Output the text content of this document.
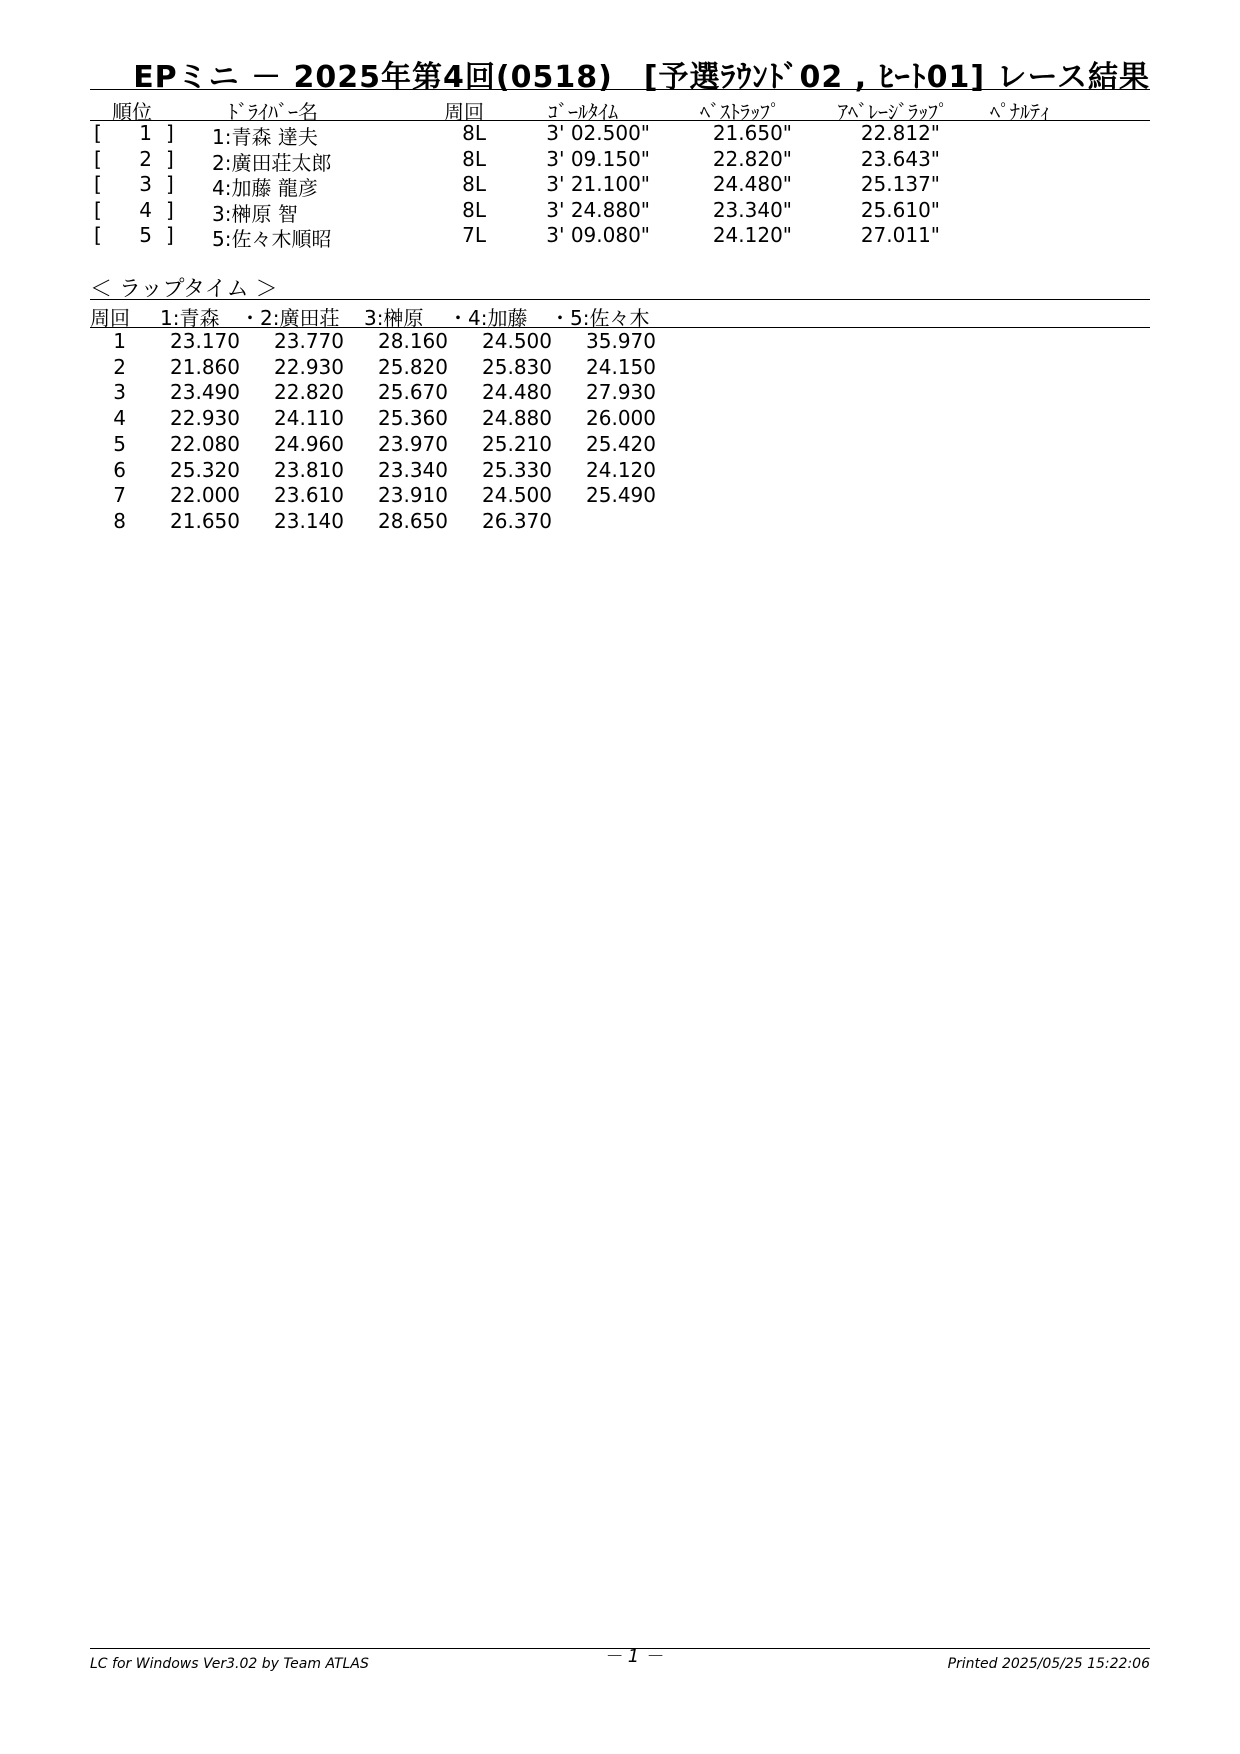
EPミニ － 2025年第4回(0518)　[予選ﾗｳﾝﾄﾞ02 , ﾋｰﾄ01] レース結果
順位	ﾄﾞﾗｲﾊﾞｰ名	周回	ｺﾞｰﾙﾀｲﾑ	ﾍﾞｽﾄﾗｯﾌﾟ	ｱﾍﾞﾚｰｼﾞﾗｯﾌﾟ ﾍﾟﾅﾙﾃｨ
[	1 ] 1:青森 達夫	8L	3' 02.500"	21.650"	22.812"
[	2 ] 2:廣田荘太郎	8L	3' 09.150"	22.820"	23.643"
[	3 ] 4:加藤 龍彦	8L	3' 21.100"	24.480"	25.137"
[	4 ] 3:榊原 智	8L	3' 24.880"	23.340"	25.610"
[	5 ] 5:佐々木順昭	7L	3' 09.080"	24.120"	27.011"
＜ ラップタイム ＞
周回 1:青森 ・2:廣田荘 3:榊原 ・4:加藤 ・5:佐々木
1	23.170	23.770	28.160	24.500	35.970
2	21.860	22.930	25.820	25.830	24.150
3	23.490	22.820	25.670	24.480	27.930
4	22.930	24.110	25.360	24.880	26.000
5	22.080	24.960	23.970	25.210	25.420
6	25.320	23.810	23.340	25.330	24.120
7	22.000	23.610	23.910	24.500	25.490
8	21.650	23.140	28.650	26.370
LC for Windows Ver3.02 by Team ATLAS	－ 1 －	Printed 2025/05/25 15:22:06
